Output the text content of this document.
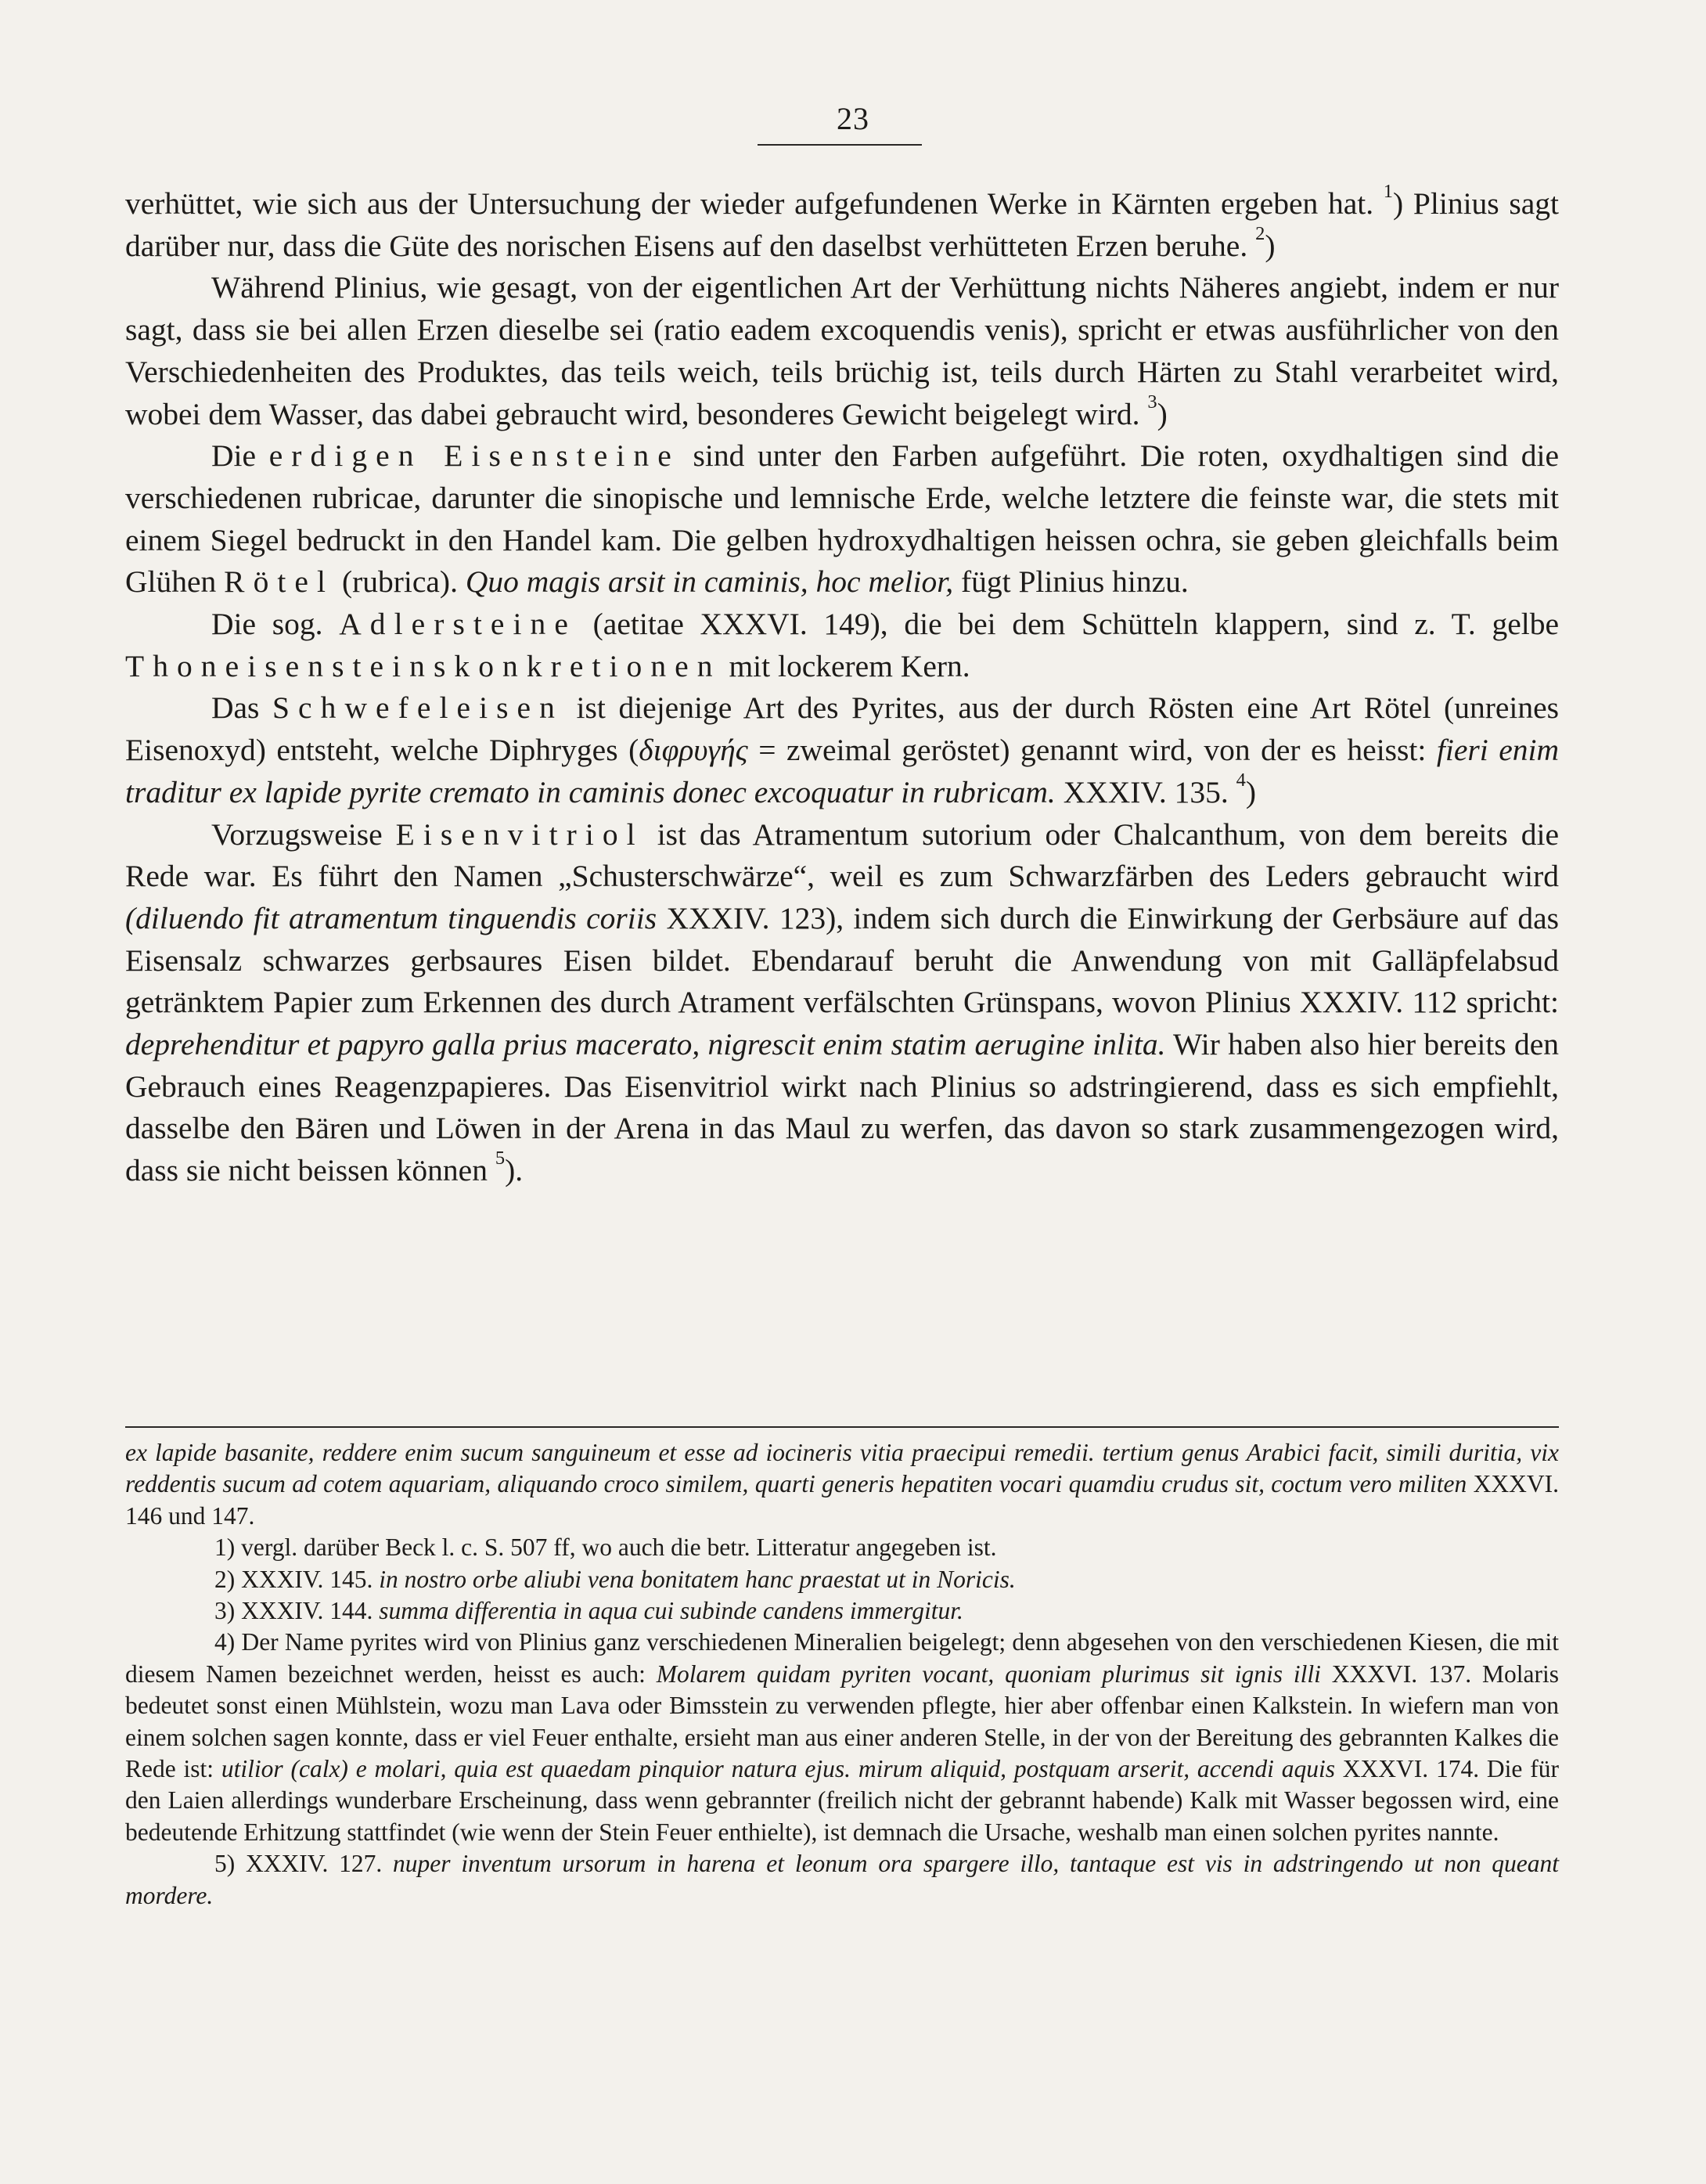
23

verhüttet, wie sich aus der Untersuchung der wieder aufgefundenen Werke in Kärnten ergeben hat. $^1$) Plinius sagt darüber nur, dass die Güte des norischen Eisens auf den daselbst verhütteten Erzen beruhe. $^2$)

Während Plinius, wie gesagt, von der eigentlichen Art der Verhüttung nichts Näheres angiebt, indem er nur sagt, dass sie bei allen Erzen dieselbe sei (ratio eadem excoquendis venis), spricht er etwas ausführlicher von den Verschiedenheiten des Produktes, das teils weich, teils brüchig ist, teils durch Härten zu Stahl verarbeitet wird, wobei dem Wasser, das dabei gebraucht wird, besonderes Gewicht beigelegt wird. $^3$)

Die erdigen Eisensteine sind unter den Farben aufgeführt. Die roten, oxydhaltigen sind die verschiedenen rubricae, darunter die sinopische und lemnische Erde, welche letztere die feinste war, die stets mit einem Siegel bedruckt in den Handel kam. Die gelben hydroxydhaltigen heissen ochra, sie geben gleichfalls beim Glühen Rötel (rubrica). Quo magis arsit in caminis, hoc melior, fügt Plinius hinzu.

Die sog. Adlersteine (aetitae XXXVI. 149), die bei dem Schütteln klappern, sind z. T. gelbe Thoneisensteinskonkretionen mit lockerem Kern.

Das Schwefeleisen ist diejenige Art des Pyrites, aus der durch Rösten eine Art Rötel (unreines Eisenoxyd) entsteht, welche Diphryges (διφρυγής = zweimal geröstet) genannt wird, von der es heisst: fieri enim traditur ex lapide pyrite cremato in caminis donec excoquatur in rubricam. XXXIV. 135. $^4$)

Vorzugsweise Eisenvitriol ist das Atramentum sutorium oder Chalcanthum, von dem bereits die Rede war. Es führt den Namen „Schusterschwärze“, weil es zum Schwarzfärben des Leders gebraucht wird (diluendo fit atramentum tinguendis coriis XXXIV. 123), indem sich durch die Einwirkung der Gerbsäure auf das Eisensalz schwarzes gerbsaures Eisen bildet. Ebendarauf beruht die Anwendung von mit Galläpfelabsud getränktem Papier zum Erkennen des durch Atrament verfälschten Grünspans, wovon Plinius XXXIV. 112 spricht: deprehenditur et papyro galla prius macerato, nigrescit enim statim aerugine inlita. Wir haben also hier bereits den Gebrauch eines Reagenzpapieres. Das Eisenvitriol wirkt nach Plinius so adstringierend, dass es sich empfiehlt, dasselbe den Bären und Löwen in der Arena in das Maul zu werfen, das davon so stark zusammengezogen wird, dass sie nicht beissen können $^5$).

ex lapide basanite, reddere enim sucum sanguineum et esse ad iocineris vitia praecipui remedii. tertium genus Arabici facit, simili duritia, vix reddentis sucum ad cotem aquariam, aliquando croco similem, quarti generis hepatiten vocari quamdiu crudus sit, coctum vero militen XXXVI. 146 und 147.

1) vergl. darüber Beck l. c. S. 507 ff, wo auch die betr. Litteratur angegeben ist.

2) XXXIV. 145. in nostro orbe aliubi vena bonitatem hanc praestat ut in Noricis.

3) XXXIV. 144. summa differentia in aqua cui subinde candens immergitur.

4) Der Name pyrites wird von Plinius ganz verschiedenen Mineralien beigelegt; denn abgesehen von den verschiedenen Kiesen, die mit diesem Namen bezeichnet werden, heisst es auch: Molarem quidam pyriten vocant, quoniam plurimus sit ignis illi XXXVI. 137. Molaris bedeutet sonst einen Mühlstein, wozu man Lava oder Bimsstein zu verwenden pflegte, hier aber offenbar einen Kalkstein. In wiefern man von einem solchen sagen konnte, dass er viel Feuer enthalte, ersieht man aus einer anderen Stelle, in der von der Bereitung des gebrannten Kalkes die Rede ist: utilior (calx) e molari, quia est quaedam pinquior natura ejus. mirum aliquid, postquam arserit, accendi aquis XXXVI. 174. Die für den Laien allerdings wunderbare Erscheinung, dass wenn gebrannter (freilich nicht der gebrannt habende) Kalk mit Wasser begossen wird, eine bedeutende Erhitzung stattfindet (wie wenn der Stein Feuer enthielte), ist demnach die Ursache, weshalb man einen solchen pyrites nannte.

5) XXXIV. 127. nuper inventum ursorum in harena et leonum ora spargere illo, tantaque est vis in adstringendo ut non queant mordere.
